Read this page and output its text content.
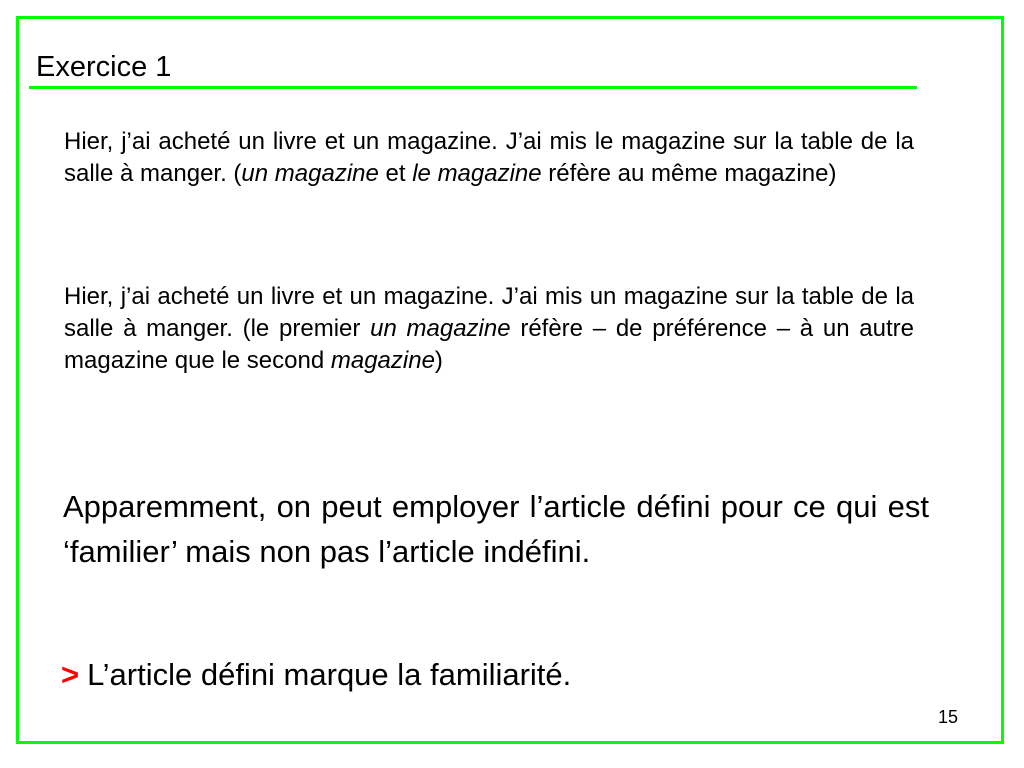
Exercice 1

Hier, j’ai acheté un livre et un magazine. J’ai mis le magazine sur la table de la salle à manger. (un magazine et le magazine réfère au même magazine)

Hier, j’ai acheté un livre et un magazine. J’ai mis un magazine sur la table de la salle à manger. (le premier un magazine réfère – de préférence – à un autre magazine que le second magazine)

Apparemment, on peut employer l’article défini pour ce qui est ‘familier’ mais non pas l’article indéfini.

> L’article défini marque la familiarité.

15
